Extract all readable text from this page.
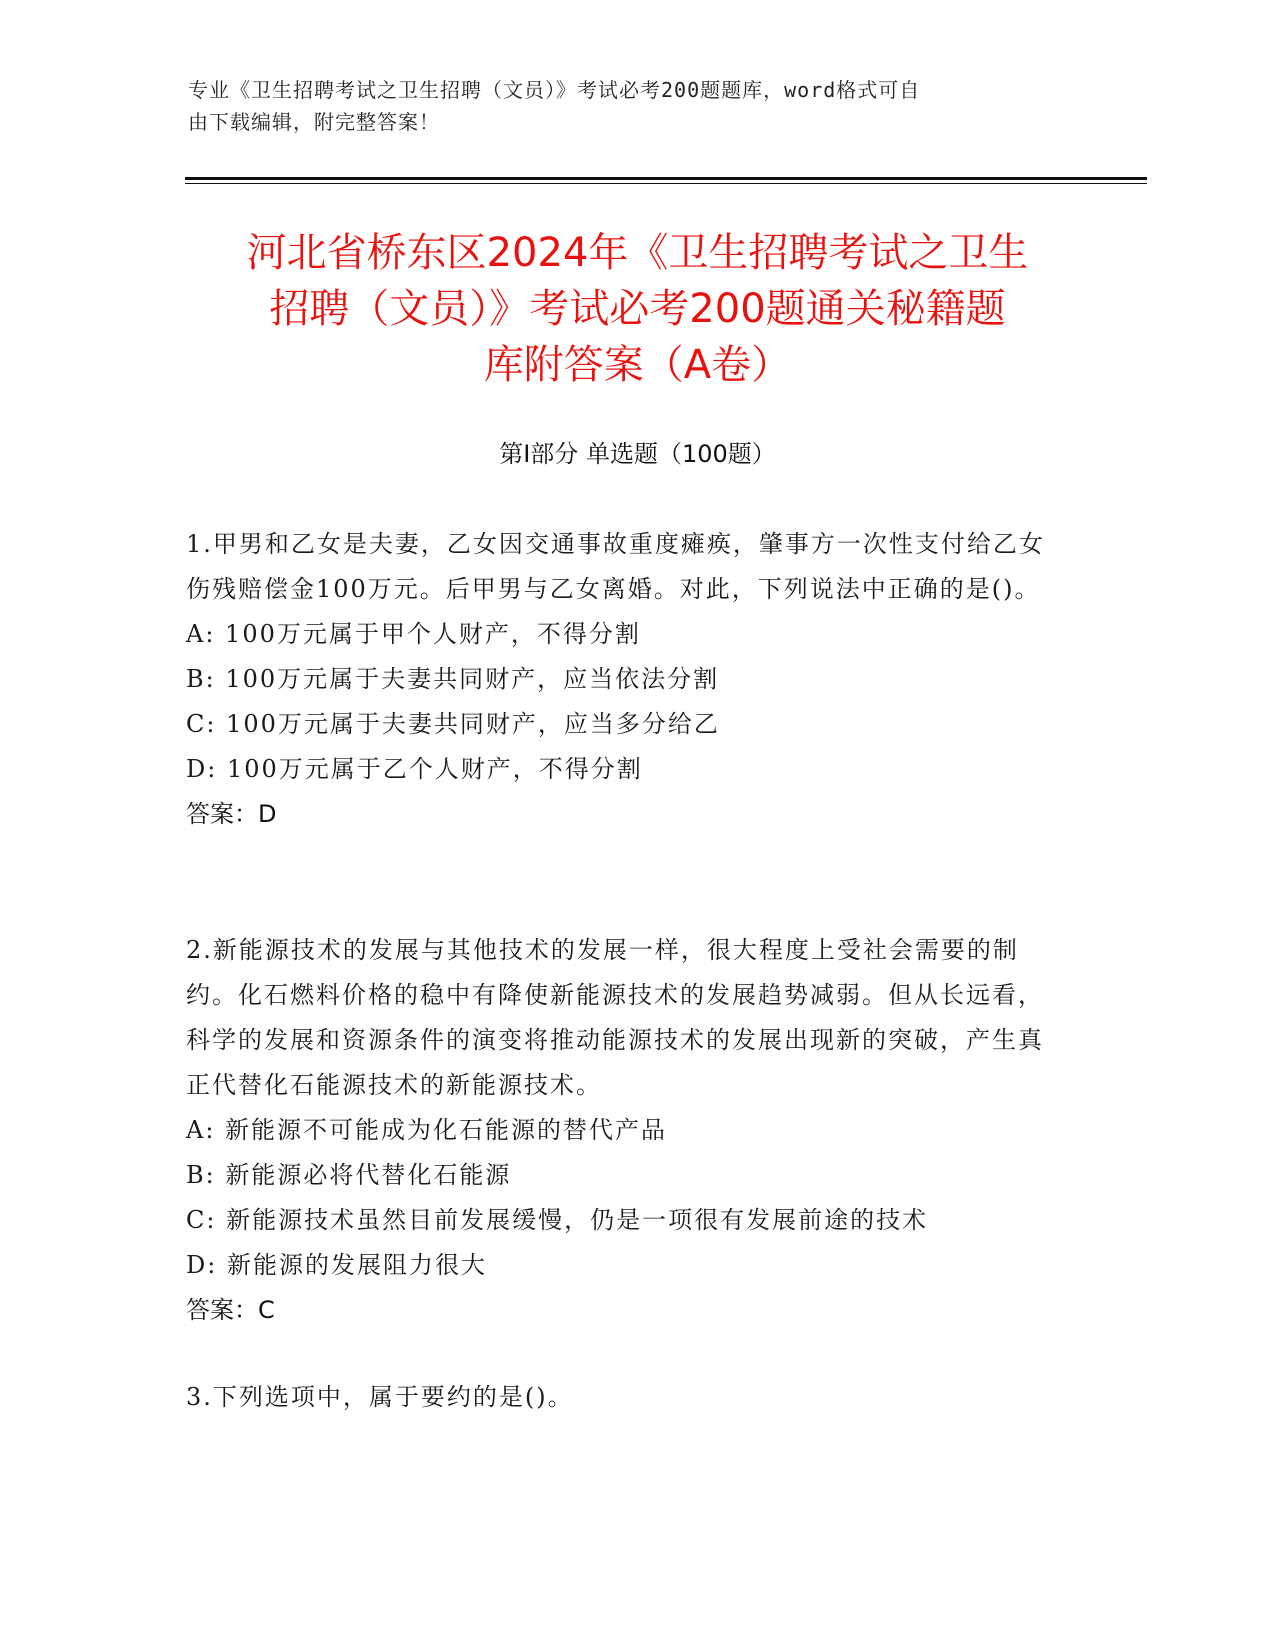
专业《卫生招聘考试之卫生招聘（文员）》考试必考200题题库，word格式可自
由下载编辑，附完整答案！
河北省桥东区2024年《卫生招聘考试之卫生
招聘（文员）》考试必考200题通关秘籍题
库附答案（A卷）
第Ⅰ部分 单选题（100题）

1.甲男和乙女是夫妻，乙女因交通事故重度瘫痪，肇事方一次性支付给乙女伤残赔偿金100万元。后甲男与乙女离婚。对此，下列说法中正确的是()。

A: 100万元属于甲个人财产，不得分割

B: 100万元属于夫妻共同财产，应当依法分割

C: 100万元属于夫妻共同财产，应当多分给乙

D: 100万元属于乙个人财产，不得分割

答案：D

2.新能源技术的发展与其他技术的发展一样，很大程度上受社会需要的制约。化石燃料价格的稳中有降使新能源技术的发展趋势减弱。但从长远看，科学的发展和资源条件的演变将推动能源技术的发展出现新的突破，产生真正代替化石能源技术的新能源技术。

A: 新能源不可能成为化石能源的替代产品

B: 新能源必将代替化石能源

C: 新能源技术虽然目前发展缓慢，仍是一项很有发展前途的技术

D: 新能源的发展阻力很大

答案：C

3.下列选项中，属于要约的是()。
